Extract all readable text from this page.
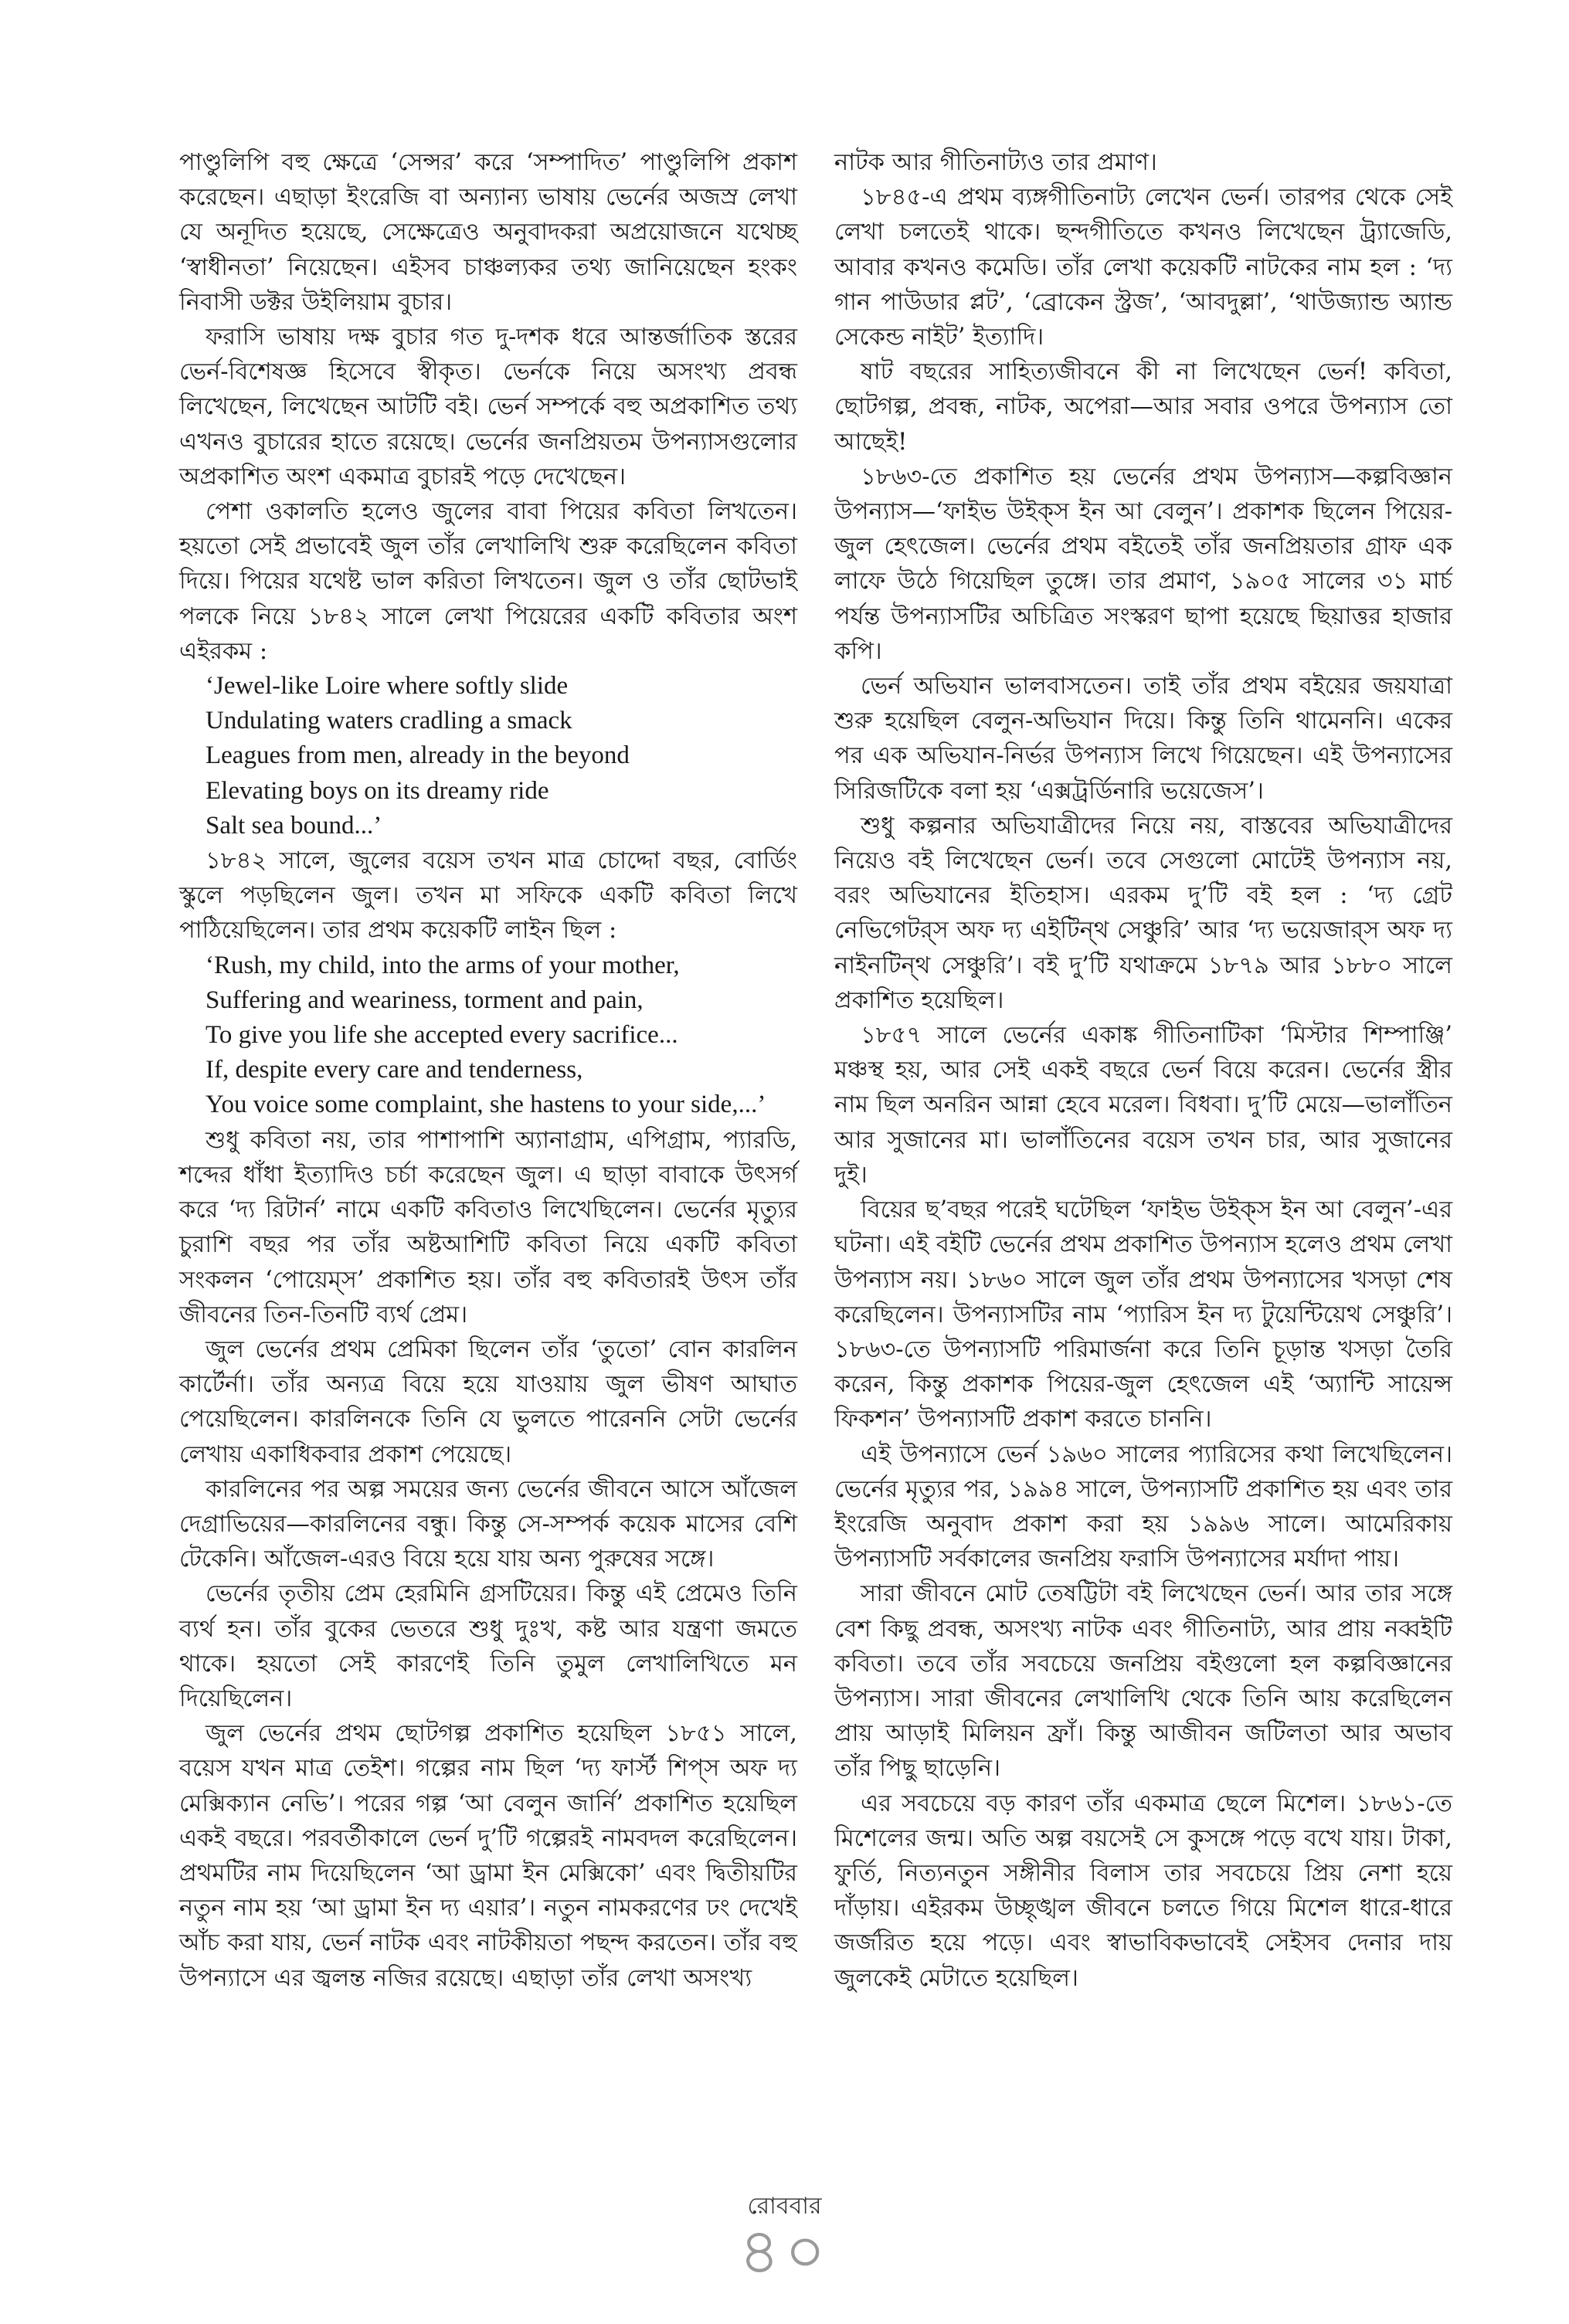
পাণ্ডুলিপি বহু ক্ষেত্রে ‘সেন্সর’ করে ‘সম্পাদিত’ পাণ্ডুলিপি প্রকাশ করেছেন। এছাড়া ইংরেজি বা অন্যান্য ভাষায় ভের্নের অজস্র লেখা যে অনূদিত হয়েছে, সেক্ষেত্রেও অনুবাদকরা অপ্রয়োজনে যথেচ্ছ ‘স্বাধীনতা’ নিয়েছেন। এইসব চাঞ্চল্যকর তথ্য জানিয়েছেন হংকং নিবাসী ডক্টর উইলিয়াম বুচার।

ফরাসি ভাষায় দক্ষ বুচার গত দু-দশক ধরে আন্তর্জাতিক স্তরের ভের্ন-বিশেষজ্ঞ হিসেবে স্বীকৃত। ভের্নকে নিয়ে অসংখ্য প্রবন্ধ লিখেছেন, লিখেছেন আটটি বই। ভের্ন সম্পর্কে বহু অপ্রকাশিত তথ্য এখনও বুচারের হাতে রয়েছে। ভের্নের জনপ্রিয়তম উপন্যাসগুলোর অপ্রকাশিত অংশ একমাত্র বুচারই পড়ে দেখেছেন।

পেশা ওকালতি হলেও জুলের বাবা পিয়ের কবিতা লিখতেন। হয়তো সেই প্রভাবেই জুল তাঁর লেখালিখি শুরু করেছিলেন কবিতা দিয়ে। পিয়ের যথেষ্ট ভাল করিতা লিখতেন। জুল ও তাঁর ছোটভাই পলকে নিয়ে ১৮৪২ সালে লেখা পিয়েরের একটি কবিতার অংশ এইরকম :

‘Jewel-like Loire where softly slide
Undulating waters cradling a smack
Leagues from men, already in the beyond
Elevating boys on its dreamy ride
Salt sea bound...’

১৮৪২ সালে, জুলের বয়েস তখন মাত্র চোদ্দো বছর, বোর্ডিং স্কুলে পড়ছিলেন জুল। তখন মা সফিকে একটি কবিতা লিখে পাঠিয়েছিলেন। তার প্রথম কয়েকটি লাইন ছিল :

‘Rush, my child, into the arms of your mother,
Suffering and weariness, torment and pain,
To give you life she accepted every sacrifice...
If, despite every care and tenderness,
You voice some complaint, she hastens to your side,...’

শুধু কবিতা নয়, তার পাশাপাশি অ্যানাগ্রাম, এপিগ্রাম, প্যারডি, শব্দের ধাঁধা ইত্যাদিও চর্চা করেছেন জুল। এ ছাড়া বাবাকে উৎসর্গ করে ‘দ্য রিটার্ন’ নামে একটি কবিতাও লিখেছিলেন। ভের্নের মৃত্যুর চুরাশি বছর পর তাঁর অষ্টআশিটি কবিতা নিয়ে একটি কবিতা সংকলন ‘পোয়েম্‌স’ প্রকাশিত হয়। তাঁর বহু কবিতারই উৎস তাঁর জীবনের তিন-তিনটি ব্যর্থ প্রেম।

জুল ভের্নের প্রথম প্রেমিকা ছিলেন তাঁর ‘তুতো’ বোন কারলিন কার্টের্না। তাঁর অন্যত্র বিয়ে হয়ে যাওয়ায় জুল ভীষণ আঘাত পেয়েছিলেন। কারলিনকে তিনি যে ভুলতে পারেননি সেটা ভের্নের লেখায় একাধিকবার প্রকাশ পেয়েছে।

কারলিনের পর অল্প সময়ের জন্য ভের্নের জীবনে আসে আঁজেল দেগ্রাভিয়ের—কারলিনের বন্ধু। কিন্তু সে-সম্পর্ক কয়েক মাসের বেশি টেকেনি। আঁজেল-এরও বিয়ে হয়ে যায় অন্য পুরুষের সঙ্গে।

ভের্নের তৃতীয় প্রেম হেরমিনি গ্রসটিয়ের। কিন্তু এই প্রেমেও তিনি ব্যর্থ হন। তাঁর বুকের ভেতরে শুধু দুঃখ, কষ্ট আর যন্ত্রণা জমতে থাকে। হয়তো সেই কারণেই তিনি তুমুল লেখালিখিতে মন দিয়েছিলেন।

জুল ভের্নের প্রথম ছোটগল্প প্রকাশিত হয়েছিল ১৮৫১ সালে, বয়েস যখন মাত্র তেইশ। গল্পের নাম ছিল ‘দ্য ফার্স্ট শিপ্‌স অফ দ্য মেক্সিক্যান নেভি’। পরের গল্প ‘আ বেলুন জার্নি’ প্রকাশিত হয়েছিল একই বছরে। পরবর্তীকালে ভের্ন দু’টি গল্পেরই নামবদল করেছিলেন। প্রথমটির নাম দিয়েছিলেন ‘আ ড্রামা ইন মেক্সিকো’ এবং দ্বিতীয়টির নতুন নাম হয় ‘আ ড্রামা ইন দ্য এয়ার’। নতুন নামকরণের ঢং দেখেই আঁচ করা যায়, ভের্ন নাটক এবং নাটকীয়তা পছন্দ করতেন। তাঁর বহু উপন্যাসে এর জ্বলন্ত নজির রয়েছে। এছাড়া তাঁর লেখা অসংখ্য

নাটক আর গীতিনাট্যও তার প্রমাণ।

১৮৪৫-এ প্রথম ব্যঙ্গগীতিনাট্য লেখেন ভের্ন। তারপর থেকে সেই লেখা চলতেই থাকে। ছন্দগীতিতে কখনও লিখেছেন ট্র্যাজেডি, আবার কখনও কমেডি। তাঁর লেখা কয়েকটি নাটকের নাম হল : ‘দ্য গান পাউডার প্লট’, ‘ব্রোকেন স্ট্রজ’, ‘আবদুল্লা’, ‘থাউজ্যান্ড অ্যান্ড সেকেন্ড নাইট’ ইত্যাদি।

ষাট বছরের সাহিত্যজীবনে কী না লিখেছেন ভের্ন! কবিতা, ছোটগল্প, প্রবন্ধ, নাটক, অপেরা—আর সবার ওপরে উপন্যাস তো আছেই!

১৮৬৩-তে প্রকাশিত হয় ভের্নের প্রথম উপন্যাস—কল্পবিজ্ঞান উপন্যাস—‘ফাইভ উইক্‌স ইন আ বেলুন’। প্রকাশক ছিলেন পিয়ের-জুল হেৎজেল। ভের্নের প্রথম বইতেই তাঁর জনপ্রিয়তার গ্রাফ এক লাফে উঠে গিয়েছিল তুঙ্গে। তার প্রমাণ, ১৯০৫ সালের ৩১ মার্চ পর্যন্ত উপন্যাসটির অচিত্রিত সংস্করণ ছাপা হয়েছে ছিয়াত্তর হাজার কপি।

ভের্ন অভিযান ভালবাসতেন। তাই তাঁর প্রথম বইয়ের জয়যাত্রা শুরু হয়েছিল বেলুন-অভিযান দিয়ে। কিন্তু তিনি থামেননি। একের পর এক অভিযান-নির্ভর উপন্যাস লিখে গিয়েছেন। এই উপন্যাসের সিরিজটিকে বলা হয় ‘এক্সট্রর্ডিনারি ভয়েজেস’।

শুধু কল্পনার অভিযাত্রীদের নিয়ে নয়, বাস্তবের অভিযাত্রীদের নিয়েও বই লিখেছেন ভের্ন। তবে সেগুলো মোটেই উপন্যাস নয়, বরং অভিযানের ইতিহাস। এরকম দু’টি বই হল : ‘দ্য গ্রেট নেভিগেটর্‌স অফ দ্য এইটিন্‌থ সেঞ্চুরি’ আর ‘দ্য ভয়েজার্‌স অফ দ্য নাইনটিন্‌থ সেঞ্চুরি’। বই দু’টি যথাক্রমে ১৮৭৯ আর ১৮৮০ সালে প্রকাশিত হয়েছিল।

১৮৫৭ সালে ভের্নের একাঙ্ক গীতিনাটিকা ‘মিস্টার শিম্পাঞ্জি’ মঞ্চস্থ হয়, আর সেই একই বছরে ভের্ন বিয়ে করেন। ভের্নের স্ত্রীর নাম ছিল অনরিন আন্না হেবে মরেল। বিধবা। দু’টি মেয়ে—ভালাঁতিন আর সুজানের মা। ভালাঁতিনের বয়েস তখন চার, আর সুজানের দুই।

বিয়ের ছ’বছর পরেই ঘটেছিল ‘ফাইভ উইক্‌স ইন আ বেলুন’-এর ঘটনা। এই বইটি ভের্নের প্রথম প্রকাশিত উপন্যাস হলেও প্রথম লেখা উপন্যাস নয়। ১৮৬০ সালে জুল তাঁর প্রথম উপন্যাসের খসড়া শেষ করেছিলেন। উপন্যাসটির নাম ‘প্যারিস ইন দ্য টুয়েন্টিয়েথ সেঞ্চুরি’। ১৮৬৩-তে উপন্যাসটি পরিমার্জনা করে তিনি চূড়ান্ত খসড়া তৈরি করেন, কিন্তু প্রকাশক পিয়ের-জুল হেৎজেল এই ‘অ্যান্টি সায়েন্স ফিকশন’ উপন্যাসটি প্রকাশ করতে চাননি।

এই উপন্যাসে ভের্ন ১৯৬০ সালের প্যারিসের কথা লিখেছিলেন। ভের্নের মৃত্যুর পর, ১৯৯৪ সালে, উপন্যাসটি প্রকাশিত হয় এবং তার ইংরেজি অনুবাদ প্রকাশ করা হয় ১৯৯৬ সালে। আমেরিকায় উপন্যাসটি সর্বকালের জনপ্রিয় ফরাসি উপন্যাসের মর্যাদা পায়।

সারা জীবনে মোট তেষট্টিটা বই লিখেছেন ভের্ন। আর তার সঙ্গে বেশ কিছু প্রবন্ধ, অসংখ্য নাটক এবং গীতিনাট্য, আর প্রায় নব্বইটি কবিতা। তবে তাঁর সবচেয়ে জনপ্রিয় বইগুলো হল কল্পবিজ্ঞানের উপন্যাস। সারা জীবনের লেখালিখি থেকে তিনি আয় করেছিলেন প্রায় আড়াই মিলিয়ন ফ্রাঁ। কিন্তু আজীবন জটিলতা আর অভাব তাঁর পিছু ছাড়েনি।

এর সবচেয়ে বড় কারণ তাঁর একমাত্র ছেলে মিশেল। ১৮৬১-তে মিশেলের জন্ম। অতি অল্প বয়সেই সে কুসঙ্গে পড়ে বখে যায়। টাকা, ফুর্তি, নিত্যনতুন সঙ্গীনীর বিলাস তার সবচেয়ে প্রিয় নেশা হয়ে দাঁড়ায়। এইরকম উচ্ছৃঙ্খল জীবনে চলতে গিয়ে মিশেল ধারে-ধারে জর্জরিত হয়ে পড়ে। এবং স্বাভাবিকভাবেই সেইসব দেনার দায় জুলকেই মেটাতে হয়েছিল।

রোববার
৪০
